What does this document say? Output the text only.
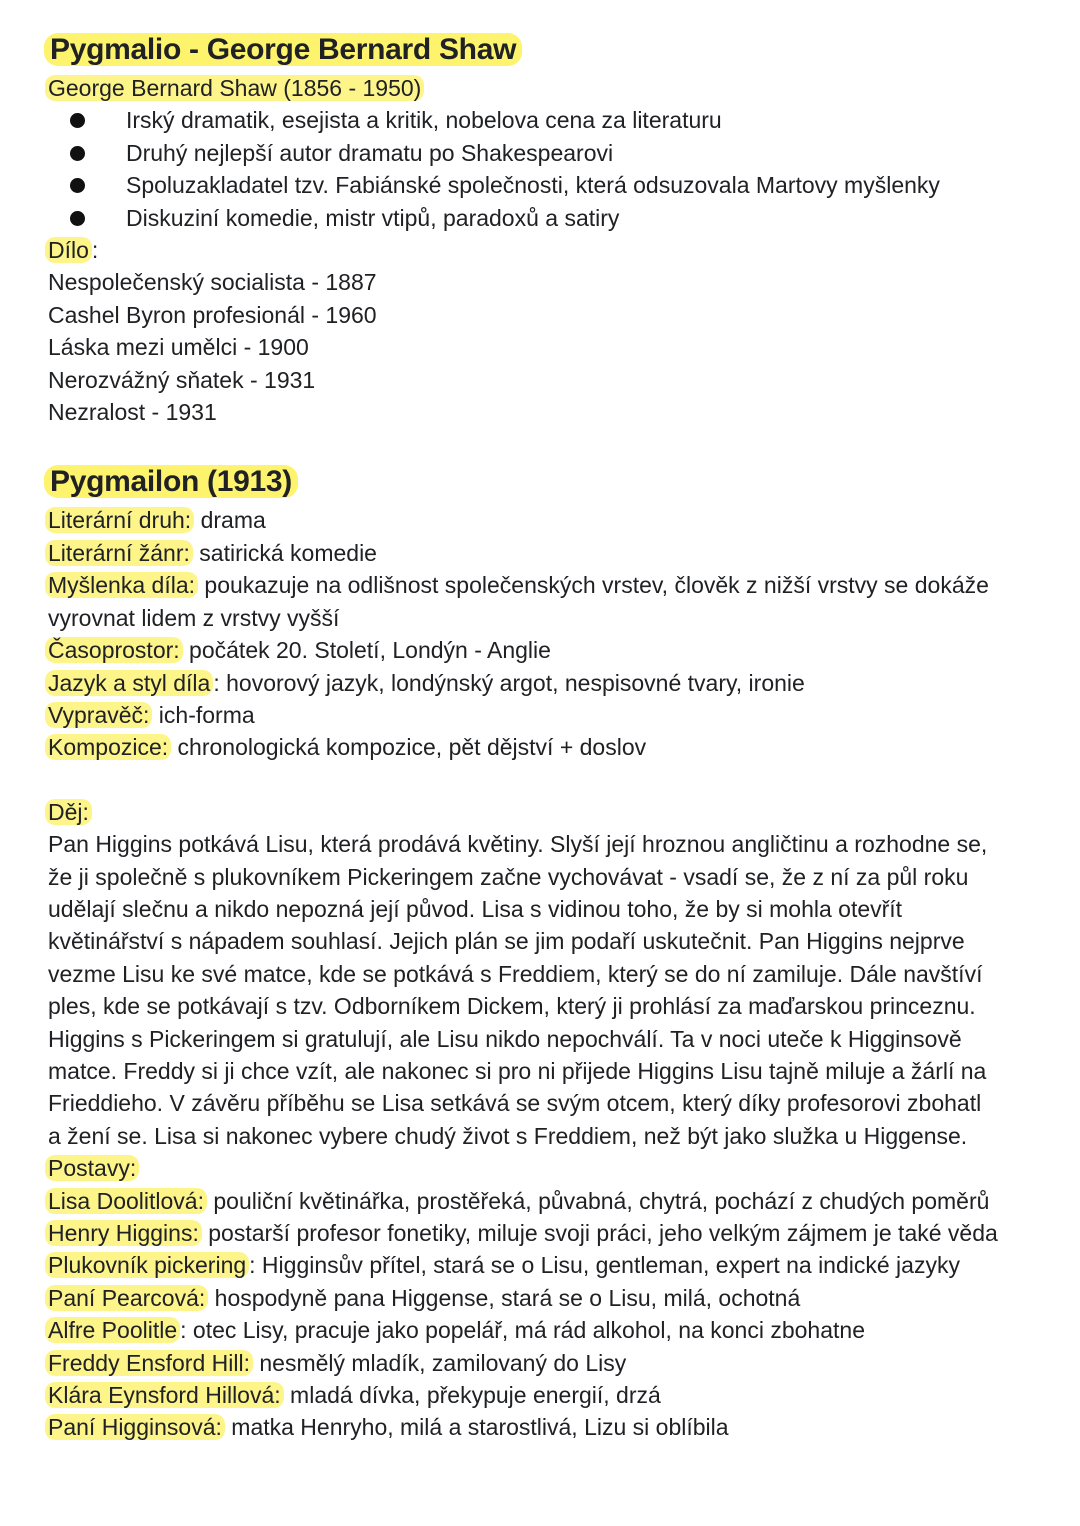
Pygmalio - George Bernard Shaw
George Bernard Shaw (1856 - 1950)
Irský dramatik, esejista a kritik, nobelova cena za literaturu
Druhý nejlepší autor dramatu po Shakespearovi
Spoluzakladatel tzv. Fabiánské společnosti, která odsuzovala Martovy myšlenky
Diskuziní komedie, mistr vtipů, paradoxů a satiry
Dílo :
Nespolečenský socialista - 1887
Cashel Byron profesionál - 1960
Láska mezi umělci - 1900
Nerozvážný sňatek - 1931
Nezralost - 1931
Pygmailon (1913)
Literární druh: drama
Literární žánr: satirická komedie
Myšlenka díla: poukazuje na odlišnost společenských vrstev, člověk z nižší vrstvy se dokáže vyrovnat lidem z vrstvy vyšší
Časoprostor: počátek 20. Století, Londýn - Anglie
Jazyk a styl díla : hovorový jazyk, londýnský argot, nespisovné tvary, ironie
Vypravěč: ich-forma
Kompozice: chronologická kompozice, pět dějství + doslov
Děj:
Pan Higgins potkává Lisu, která prodává květiny. Slyší její hroznou angličtinu a rozhodne se,
že ji společně s plukovníkem Pickeringem začne vychovávat - vsadí se, že z ní za půl roku
udělají slečnu a nikdo nepozná její původ. Lisa s vidinou toho, že by si mohla otevřít
květinářství s nápadem souhlasí. Jejich plán se jim podaří uskutečnit. Pan Higgins nejprve
vezme Lisu ke své matce, kde se potkává s Freddiem, který se do ní zamiluje. Dále navštíví
ples, kde se potkávají s tzv. Odborníkem Dickem, který ji prohlásí za maďarskou princeznu.
Higgins s Pickeringem si gratulují, ale Lisu nikdo nepochválí. Ta v noci uteče k Higginsově
matce. Freddy si ji chce vzít, ale nakonec si pro ni přijede Higgins Lisu tajně miluje a žárlí na
Frieddieho. V závěru příběhu se Lisa setkává se svým otcem, který díky profesorovi zbohatl
a žení se. Lisa si nakonec vybere chudý život s Freddiem, než být jako služka u Higgense.
Postavy:
Lisa Doolitlová: pouliční květinářka, prostěřeká, půvabná, chytrá, pochází z chudých poměrů
Henry Higgins: postarší profesor fonetiky, miluje svoji práci, jeho velkým zájmem je také věda
Plukovník pickering : Higginsův přítel, stará se o Lisu, gentleman, expert na indické jazyky
Paní Pearcová: hospodyně pana Higgense, stará se o Lisu, milá, ochotná
Alfre Poolitle : otec Lisy, pracuje jako popelář, má rád alkohol, na konci zbohatne
Freddy Ensford Hill: nesmělý mladík, zamilovaný do Lisy
Klára Eynsford Hillová: mladá dívka, překypuje energií, drzá
Paní Higginsová: matka Henryho, milá a starostlivá, Lizu si oblíbila
